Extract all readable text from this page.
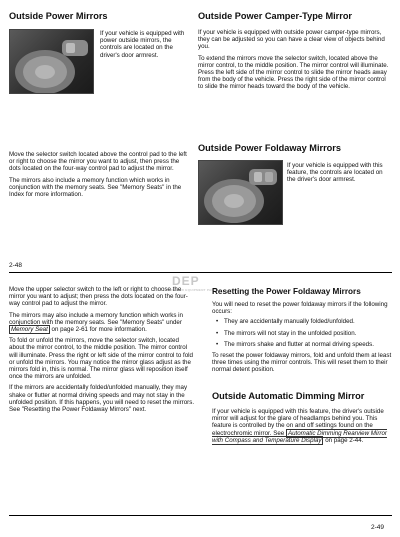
Outside Power Mirrors

If your vehicle is equipped with power outside mirrors, the controls are located on the driver's door armrest.

Move the selector switch located above the control pad to the left or right to choose the mirror you want to adjust, then press the dots located on the four-way control pad to adjust the mirror.

The mirrors also include a memory function which works in conjunction with the memory seats. See "Memory Seats" in the Index for more information.

Outside Power Camper-Type Mirror

If your vehicle is equipped with outside power camper-type mirrors, they can be adjusted so you can have a clear view of objects behind you.

To extend the mirrors move the selector switch, located above the mirror control, to the middle position. The mirror control will illuminate. Press the left side of the mirror control to slide the mirror heads away from the body of the vehicle. Press the right side of the mirror control to slide the mirror heads toward the body of the vehicle.

Outside Power Foldaway Mirrors

If your vehicle is equipped with this feature, the controls are located on the driver's door armrest.

2-48
DEP
DEALER EQUIPMENT PARTS

Move the upper selector switch to the left or right to choose the mirror you want to adjust; then press the dots located on the four-way control pad to adjust the mirror.

The mirrors may also include a memory function which works in conjunction with the memory seats. See "Memory Seats" under Memory Seat on page 2-61 for more information.

To fold or unfold the mirrors, move the selector switch, located about the mirror control, to the middle position. The mirror control will illuminate. Press the right or left side of the mirror control to fold or unfold the mirrors. You may notice the mirror glass adjust as the mirrors fold in, this is normal. The mirror glass will reposition itself once the mirrors are unfolded.

If the mirrors are accidentally folded/unfolded manually, they may shake or flutter at normal driving speeds and may not stay in the unfolded position. If this happens, you will need to reset the mirrors. See "Resetting the Power Foldaway Mirrors" next.

Resetting the Power Foldaway Mirrors

You will need to reset the power foldaway mirrors if the following occurs:

• They are accidentally manually folded/unfolded.
• The mirrors will not stay in the unfolded position.
• The mirrors shake and flutter at normal driving speeds.

To reset the power foldaway mirrors, fold and unfold them at least three times using the mirror controls. This will reset them to their normal detent position.

Outside Automatic Dimming Mirror

If your vehicle is equipped with this feature, the driver's outside mirror will adjust for the glare of headlamps behind you. This feature is controlled by the on and off settings found on the electrochromic mirror. See Automatic Dimming Rearview Mirror with Compass and Temperature Display on page 2-44.

2-49
